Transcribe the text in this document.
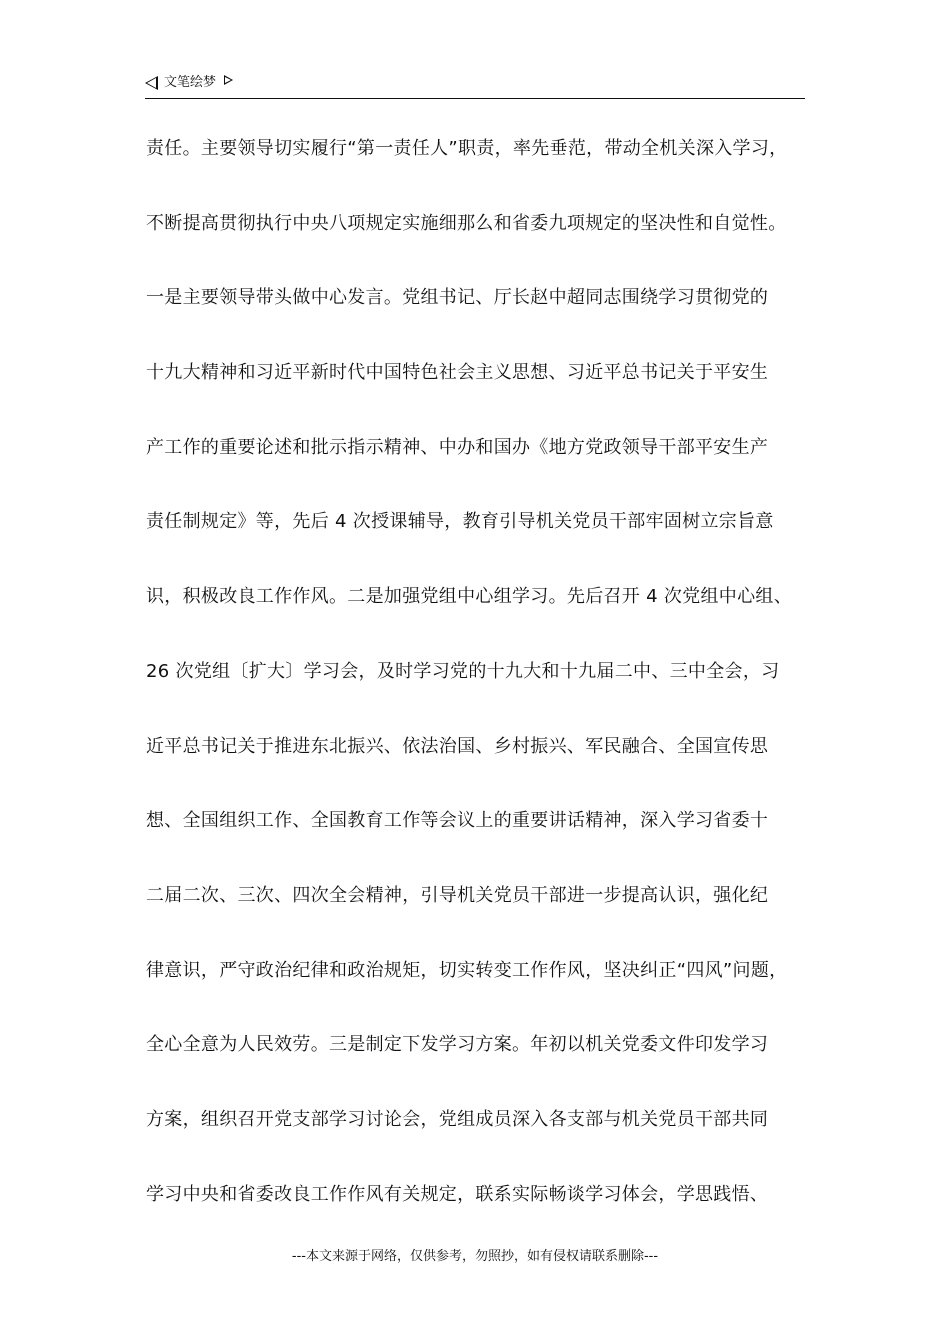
文笔绘梦
责任。主要领导切实履行“第一责任人”职责，率先垂范，带动全机关深入学习，
不断提高贯彻执行中央八项规定实施细那么和省委九项规定的坚决性和自觉性。
一是主要领导带头做中心发言。党组书记、厅长赵中超同志围绕学习贯彻党的
十九大精神和习近平新时代中国特色社会主义思想、习近平总书记关于平安生
产工作的重要论述和批示指示精神、中办和国办《地方党政领导干部平安生产
责任制规定》等，先后 4 次授课辅导，教育引导机关党员干部牢固树立宗旨意
识，积极改良工作作风。二是加强党组中心组学习。先后召开 4 次党组中心组、
26 次党组〔扩大〕学习会，及时学习党的十九大和十九届二中、三中全会，习
近平总书记关于推进东北振兴、依法治国、乡村振兴、军民融合、全国宣传思
想、全国组织工作、全国教育工作等会议上的重要讲话精神，深入学习省委十
二届二次、三次、四次全会精神，引导机关党员干部进一步提高认识，强化纪
律意识，严守政治纪律和政治规矩，切实转变工作作风，坚决纠正“四风”问题，
全心全意为人民效劳。三是制定下发学习方案。年初以机关党委文件印发学习
方案，组织召开党支部学习讨论会，党组成员深入各支部与机关党员干部共同
学习中央和省委改良工作作风有关规定，联系实际畅谈学习体会，学思践悟、
---本文来源于网络，仅供参考，勿照抄，如有侵权请联系删除---
